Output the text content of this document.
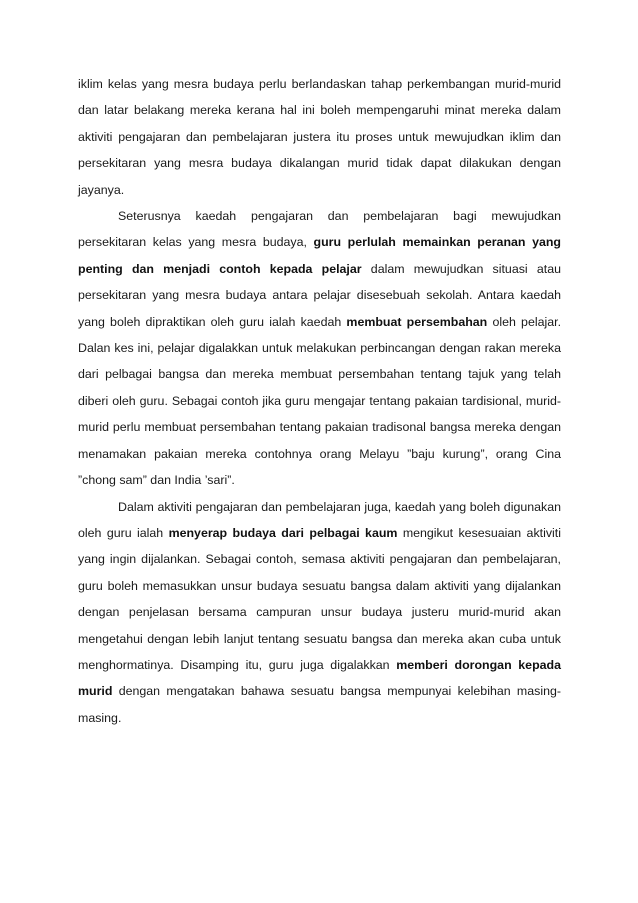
iklim kelas yang mesra budaya perlu berlandaskan tahap perkembangan murid-murid dan latar belakang mereka kerana hal ini boleh mempengaruhi minat mereka dalam aktiviti pengajaran dan pembelajaran justera itu proses untuk mewujudkan iklim dan persekitaran yang mesra budaya dikalangan murid tidak dapat dilakukan dengan jayanya.

Seterusnya kaedah pengajaran dan pembelajaran bagi mewujudkan persekitaran kelas yang mesra budaya, guru perlulah memainkan peranan yang penting dan menjadi contoh kepada pelajar dalam mewujudkan situasi atau persekitaran yang mesra budaya antara pelajar disesebuah sekolah. Antara kaedah yang boleh dipraktikan oleh guru ialah kaedah membuat persembahan oleh pelajar. Dalan kes ini, pelajar digalakkan untuk melakukan perbincangan dengan rakan mereka dari pelbagai bangsa dan mereka membuat persembahan tentang tajuk yang telah diberi oleh guru. Sebagai contoh jika guru mengajar tentang pakaian tardisional, murid-murid perlu membuat persembahan tentang pakaian tradisonal bangsa mereka dengan menamakan pakaian mereka contohnya orang Melayu ”baju kurung”, orang Cina ”chong sam” dan India ’sari”.

Dalam aktiviti pengajaran dan pembelajaran juga, kaedah yang boleh digunakan oleh guru ialah menyerap budaya dari pelbagai kaum mengikut kesesuaian aktiviti yang ingin dijalankan. Sebagai contoh, semasa aktiviti pengajaran dan pembelajaran, guru boleh memasukkan unsur budaya sesuatu bangsa dalam aktiviti yang dijalankan dengan penjelasan bersama campuran unsur budaya justeru murid-murid akan mengetahui dengan lebih lanjut tentang sesuatu bangsa dan mereka akan cuba untuk menghormatinya. Disamping itu, guru juga digalakkan memberi dorongan kepada murid dengan mengatakan bahawa sesuatu bangsa mempunyai kelebihan masing-masing.
